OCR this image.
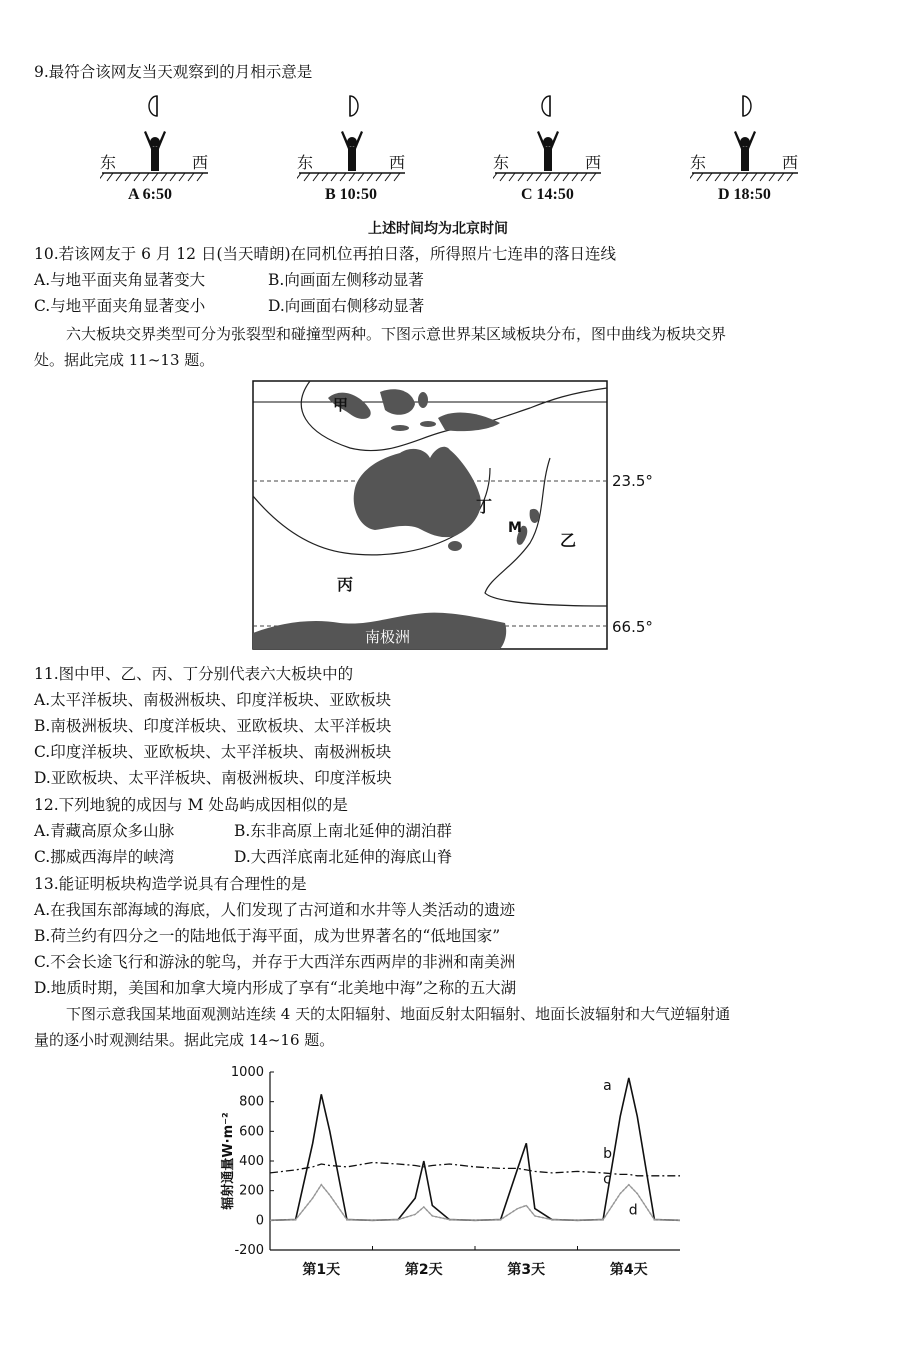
9.最符合该网友当天观察到的月相示意是
东	西
A 6:50
东	西
B 10:50
东	西
C 14:50
东	西
D 18:50
上述时间均为北京时间
10.若该网友于 6 月 12 日(当天晴朗)在同机位再拍日落，所得照片七连串的落日连线
A.与地平面夹角显著变大	B.向画面左侧移动显著
C.与地平面夹角显著变小	D.向画面右侧移动显著
六大板块交界类型可分为张裂型和碰撞型两种。下图示意世界某区域板块分布，图中曲线为板块交界
处。据此完成 11~13 题。
甲
丁
M
乙
丙
南极洲
23.5°
66.5°
11.图中甲、乙、丙、丁分别代表六大板块中的
A.太平洋板块、南极洲板块、印度洋板块、亚欧板块
B.南极洲板块、印度洋板块、亚欧板块、太平洋板块
C.印度洋板块、亚欧板块、太平洋板块、南极洲板块
D.亚欧板块、太平洋板块、南极洲板块、印度洋板块
12.下列地貌的成因与 M 处岛屿成因相似的是
A.青藏高原众多山脉	B.东非高原上南北延伸的湖泊群
C.挪威西海岸的峡湾	D.大西洋底南北延伸的海底山脊
13.能证明板块构造学说具有合理性的是
A.在我国东部海域的海底，人们发现了古河道和水井等人类活动的遗迹
B.荷兰约有四分之一的陆地低于海平面，成为世界著名的“低地国家”
C.不会长途飞行和游泳的鸵鸟，并存于大西洋东西两岸的非洲和南美洲
D.地质时期，美国和加拿大境内形成了享有“北美地中海”之称的五大湖
下图示意我国某地面观测站连续 4 天的太阳辐射、地面反射太阳辐射、地面长波辐射和大气逆辐射通
量的逐小时观测结果。据此完成 14~16 题。
1000
800
600
400
200
0
-200
辐射通量W·m⁻²
第1天	第2天	第3天	第4天
a
b
c
d
